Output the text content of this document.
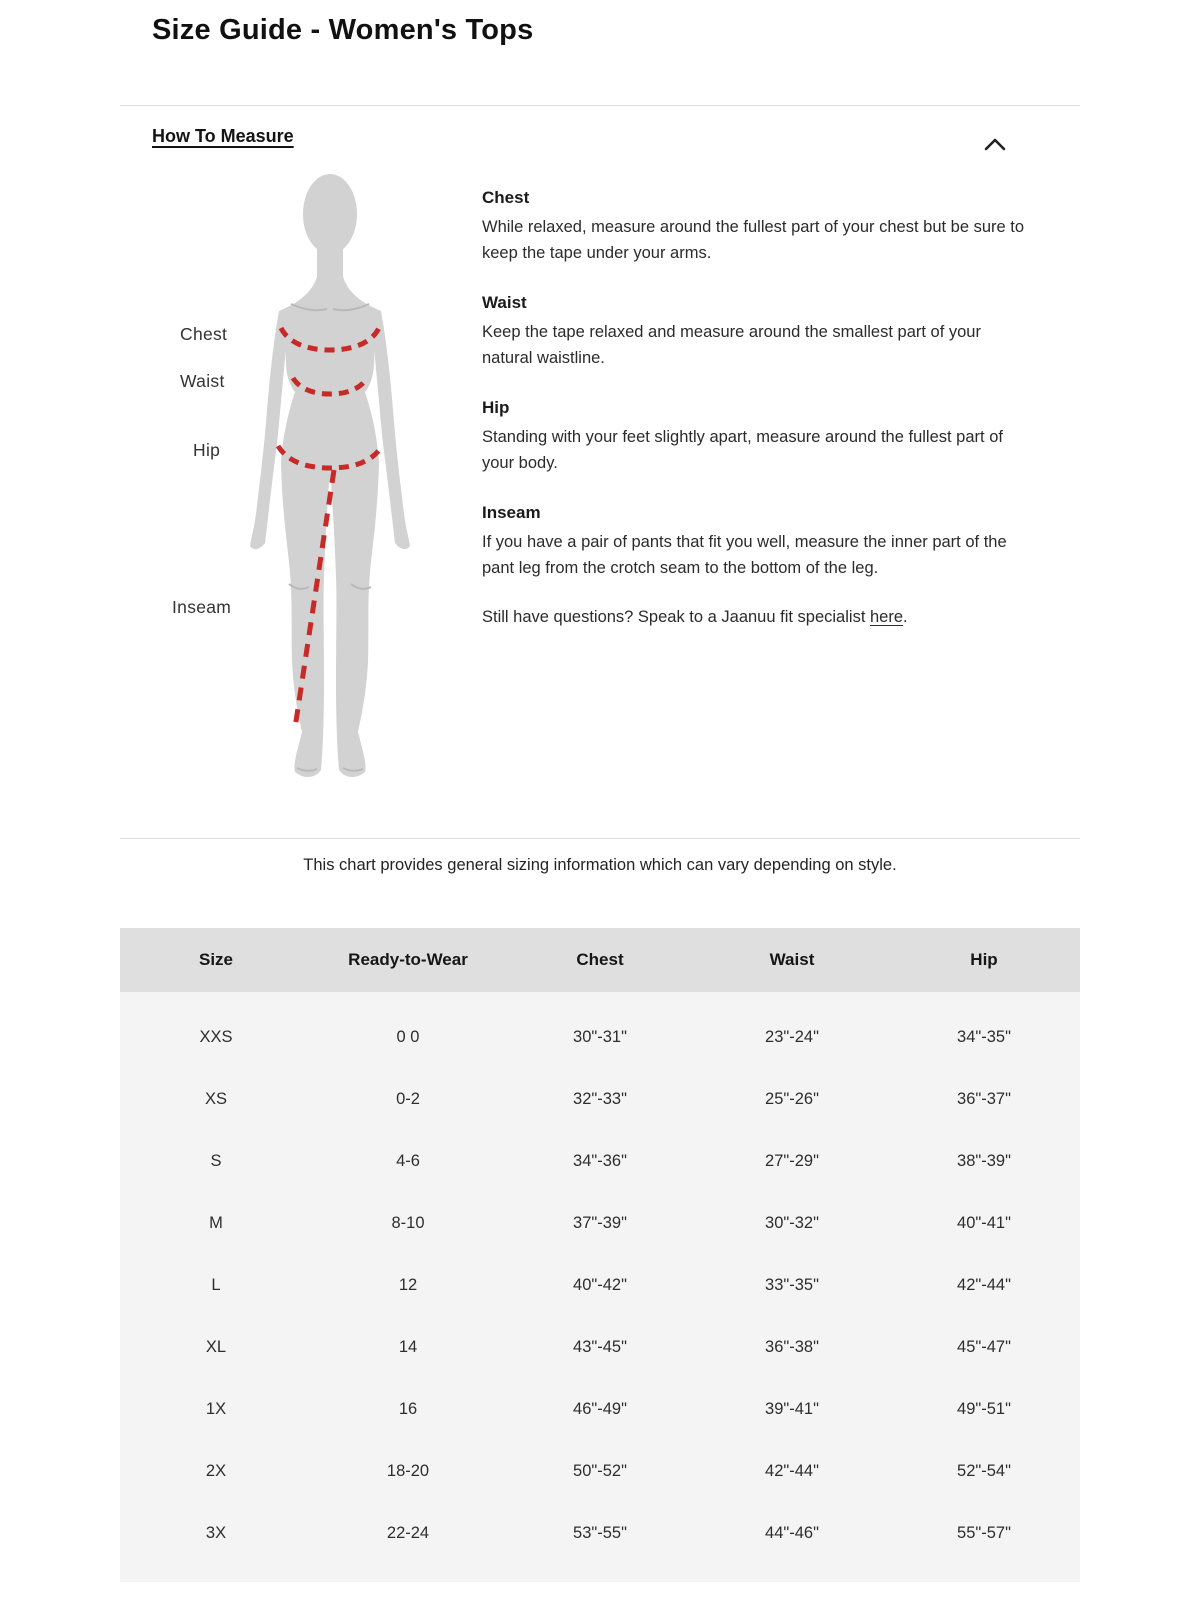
Size Guide - Women's Tops
How To Measure
Chest
Waist
Hip
Inseam
Chest

While relaxed, measure around the fullest part of your chest but be sure to keep the tape under your arms.

Waist

Keep the tape relaxed and measure around the smallest part of your natural waistline.

Hip

Standing with your feet slightly apart, measure around the fullest part of your body.

Inseam

If you have a pair of pants that fit you well, measure the inner part of the pant leg from the crotch seam to the bottom of the leg.

Still have questions? Speak to a Jaanuu fit specialist here.
This chart provides general sizing information which can vary depending on style.
Size	Ready-to-Wear	Chest	Waist	Hip
XXS	0 0	30"-31"	23"-24"	34"-35"
XS	0-2	32"-33"	25"-26"	36"-37"
S	4-6	34"-36"	27"-29"	38"-39"
M	8-10	37"-39"	30"-32"	40"-41"
L	12	40"-42"	33"-35"	42"-44"
XL	14	43"-45"	36"-38"	45"-47"
1X	16	46"-49"	39"-41"	49"-51"
2X	18-20	50"-52"	42"-44"	52"-54"
3X	22-24	53"-55"	44"-46"	55"-57"
